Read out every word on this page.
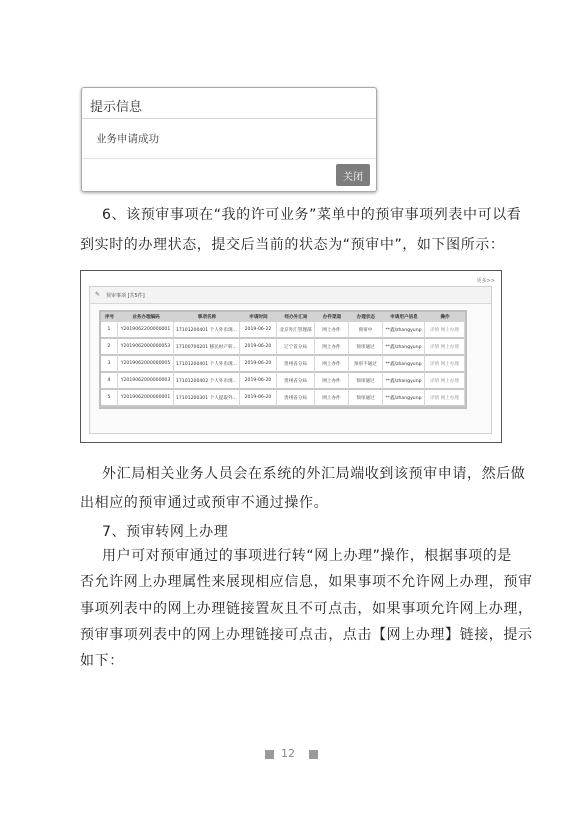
提示信息
业务申请成功
关闭
6、该预审事项在“我的许可业务”菜单中的预审事项列表中可以看
到实时的办理状态，提交后当前的状态为“预审中”，如下图所示：
更多>>
✎ 预审事项 [共5件]
序号	业务办理编码	事项名称	申请时间	经办外汇局	办件渠道	办理状态	申请用户信息	操作
1	Y2019062200000001	17101200401 个人外币现...	2019-06-22	北京外汇管理部	网上办件	预审中	**鑫/zhangyunp	详情 网上办理
2	Y2019062000000053	17100700201 移民财产转...	2019-06-20	辽宁省分局	网上办件	预审通过	**鑫/zhangyunp	详情 网上办理
3	Y2019062000000005	17101200401 个人外币现...	2019-06-20	贵州省分局	网上办件	预审不通过	**鑫/zhangyunp	详情 网上办理
4	Y2019062000000003	17101200402 个人外币现...	2019-06-20	贵州省分局	网上办件	预审通过	**鑫/zhangyunp	详情 网上办理
5	Y2019062000000001	17101200301 个人提取外...	2019-06-20	贵州省分局	网上办件	预审通过	**鑫/zhangyunp	详情 网上办理
外汇局相关业务人员会在系统的外汇局端收到该预审申请，然后做
出相应的预审通过或预审不通过操作。
7、预审转网上办理
用户可对预审通过的事项进行转“网上办理”操作，根据事项的是
否允许网上办理属性来展现相应信息，如果事项不允许网上办理，预审
事项列表中的网上办理链接置灰且不可点击，如果事项允许网上办理，
预审事项列表中的网上办理链接可点击，点击【网上办理】链接，提示
如下：
12
